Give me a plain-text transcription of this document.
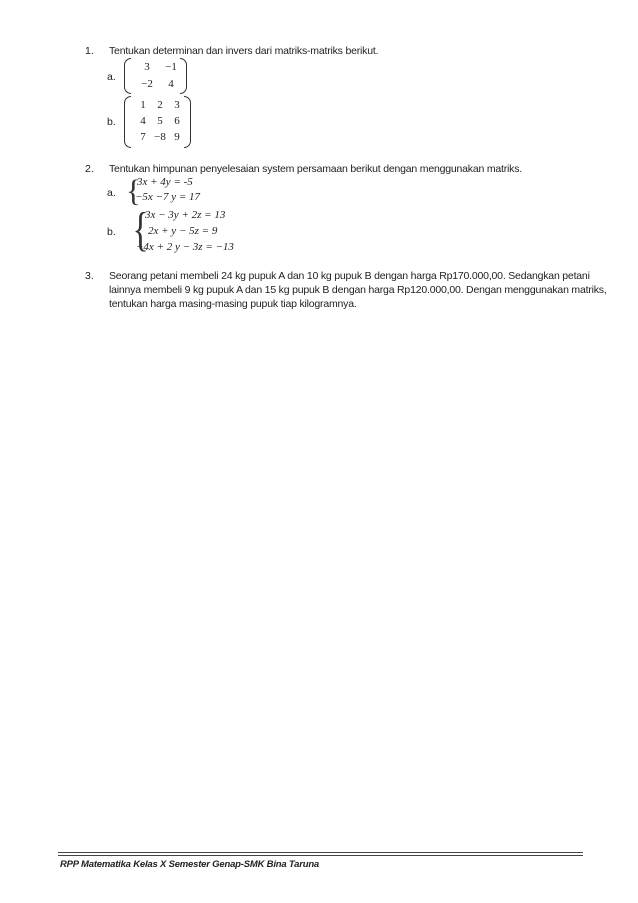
1. Tentukan determinan dan invers dari matriks-matriks berikut.
a.
3	−1
−2	4
b.
1	2	3
4	5	6
7 −8 9
2. Tentukan himpunan penyelesaian system persamaan berikut dengan menggunakan matriks.
a. {
3x + 4y = -5
−5x −7 y = 17
b. {
3x − 3y + 2z = 13
2x + y − 5z = 9
−4x + 2 y − 3z = −13
3. Seorang petani membeli 24 kg pupuk A dan 10 kg pupuk B dengan harga Rp170.000,00. Sedangkan petani
lainnya membeli 9 kg pupuk A dan 15 kg pupuk B dengan harga Rp120.000,00. Dengan menggunakan matriks,
tentukan harga masing-masing pupuk tiap kilogramnya.
RPP Matematika Kelas X Semester Genap-SMK Bina Taruna
